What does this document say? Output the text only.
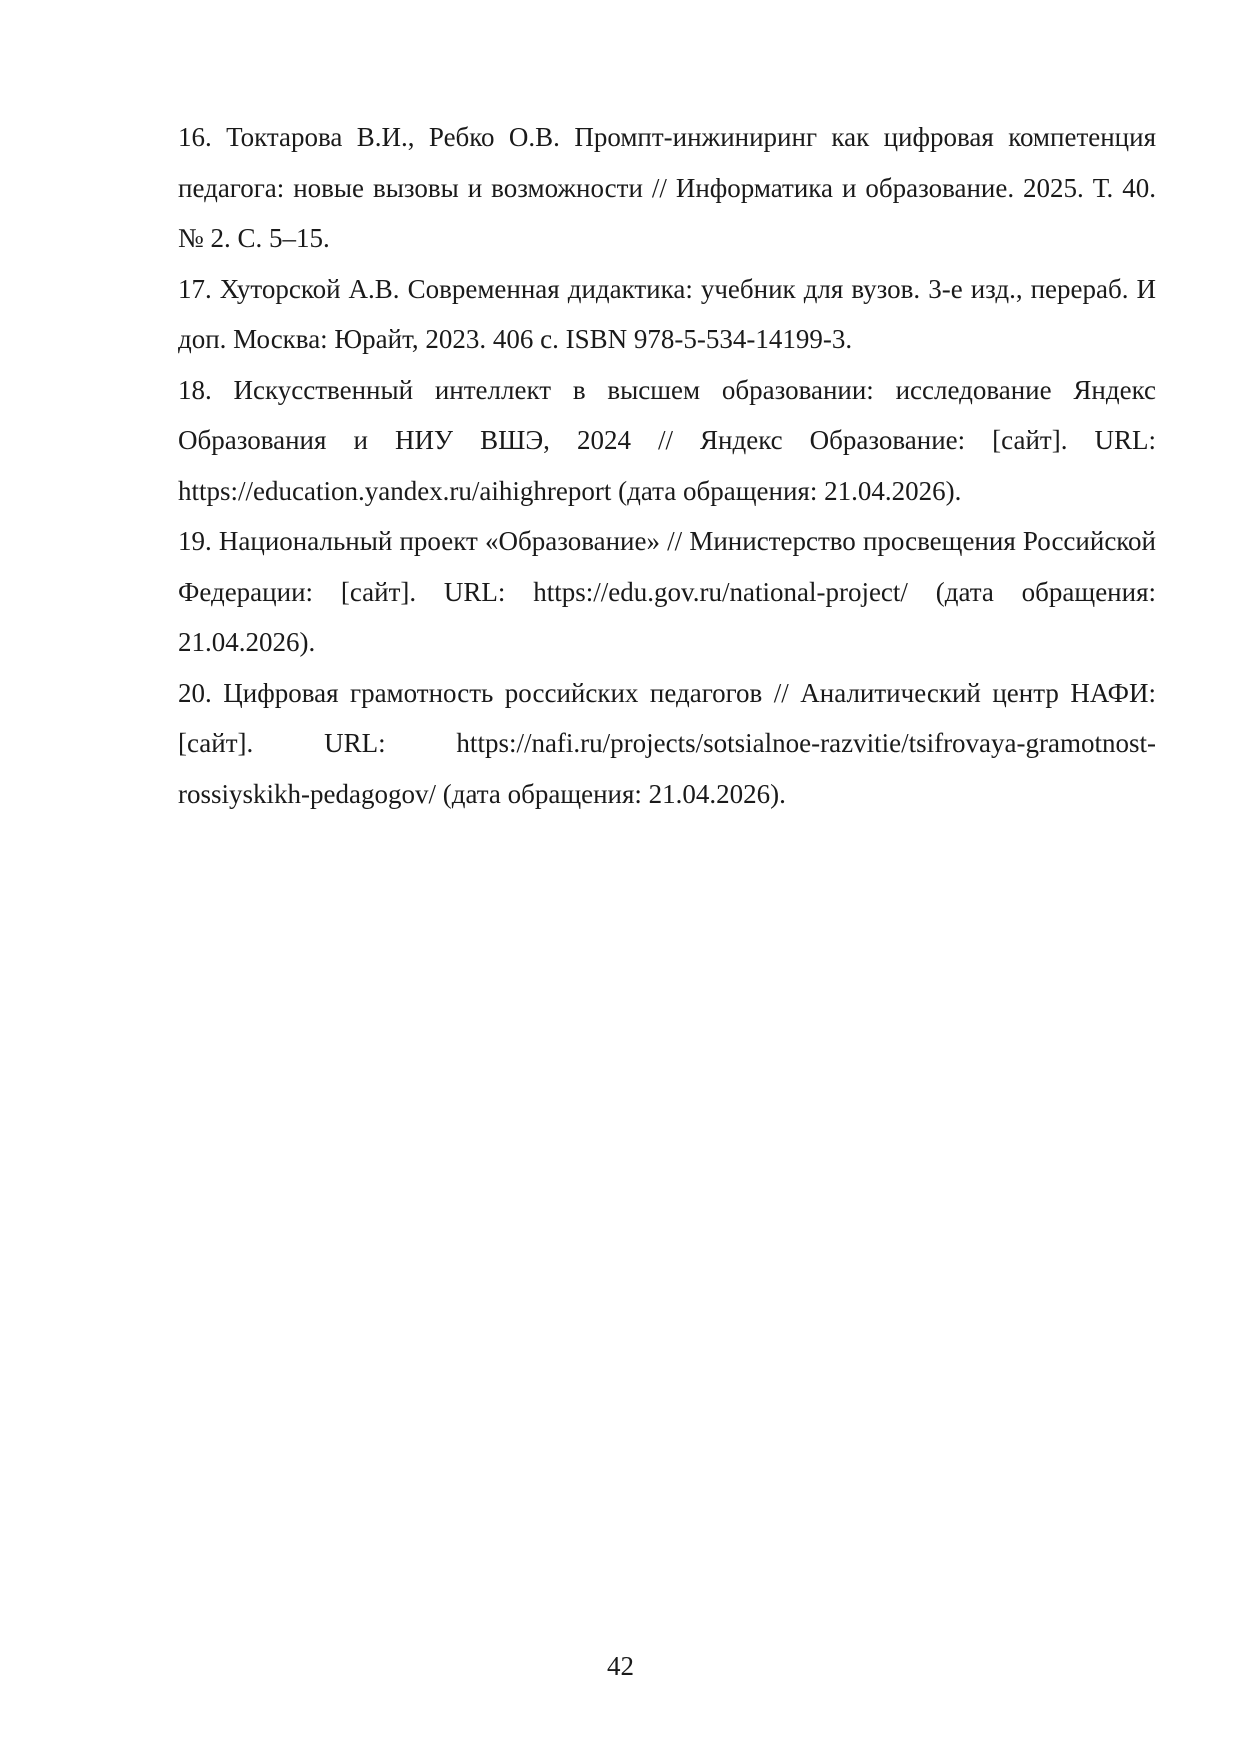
16. Токтарова В.И., Ребко О.В. Промпт-инжиниринг как цифровая компетенция педагога: новые вызовы и возможности // Информатика и образование. 2025. Т. 40. № 2. С. 5–15.

17. Хуторской А.В. Современная дидактика: учебник для вузов. 3-е изд., перераб. И доп. Москва: Юрайт, 2023. 406 с. ISBN 978-5-534-14199-3.

18. Искусственный интеллект в высшем образовании: исследование Яндекс Образования и НИУ ВШЭ, 2024 // Яндекс Образование: [сайт]. URL: https://education.yandex.ru/aihighreport (дата обращения: 21.04.2026).

19. Национальный проект «Образование» // Министерство просвещения Российской Федерации: [сайт]. URL: https://edu.gov.ru/national-project/ (дата обращения: 21.04.2026).

20. Цифровая грамотность российских педагогов // Аналитический центр НАФИ: [сайт]. URL: https://nafi.ru/projects/sotsialnoe-razvitie/tsifrovaya-gramotnost-rossiyskikh-pedagogov/ (дата обращения: 21.04.2026).

42
